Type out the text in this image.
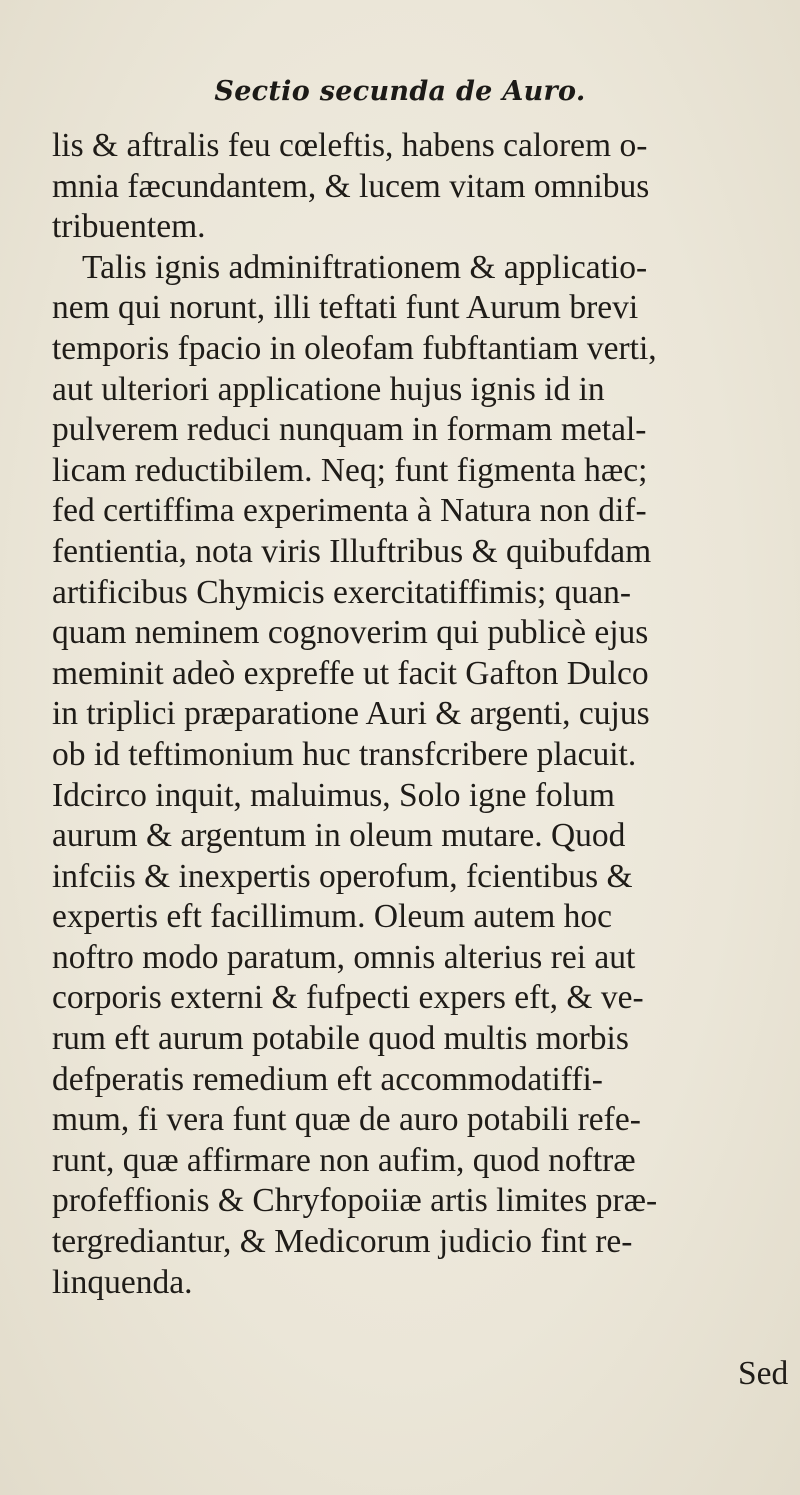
Sectio secunda de Auro.
lis & aftralis feu cœleftis, habens calorem o-
mnia fæcundantem, & lucem vitam omnibus
tribuentem.
Talis ignis adminiftrationem & applicatio-
nem qui norunt, illi teftati funt Aurum brevi
temporis fpacio in oleofam fubftantiam verti,
aut ulteriori applicatione hujus ignis id in
pulverem reduci nunquam in formam metal-
licam reductibilem. Neq; funt figmenta hæc;
fed certiffima experimenta à Natura non dif-
fentientia, nota viris Illuftribus & quibufdam
artificibus Chymicis exercitatiffimis; quan-
quam neminem cognoverim qui publicè ejus
meminit adeò expreffe ut facit Gafton Dulco
in triplici præparatione Auri & argenti, cujus
ob id teftimonium huc transfcribere placuit.
Idcirco inquit, maluimus, Solo igne folum
aurum & argentum in oleum mutare. Quod
infciis & inexpertis operofum, fcientibus &
expertis eft facillimum. Oleum autem hoc
noftro modo paratum, omnis alterius rei aut
corporis externi & fufpecti expers eft, & ve-
rum eft aurum potabile quod multis morbis
defperatis remedium eft accommodatiffi-
mum, fi vera funt quæ de auro potabili refe-
runt, quæ affirmare non aufim, quod noftræ
profeffionis & Chryfopoiiæ artis limites præ-
tergrediantur, & Medicorum judicio fint re-
linquenda.
Sed
